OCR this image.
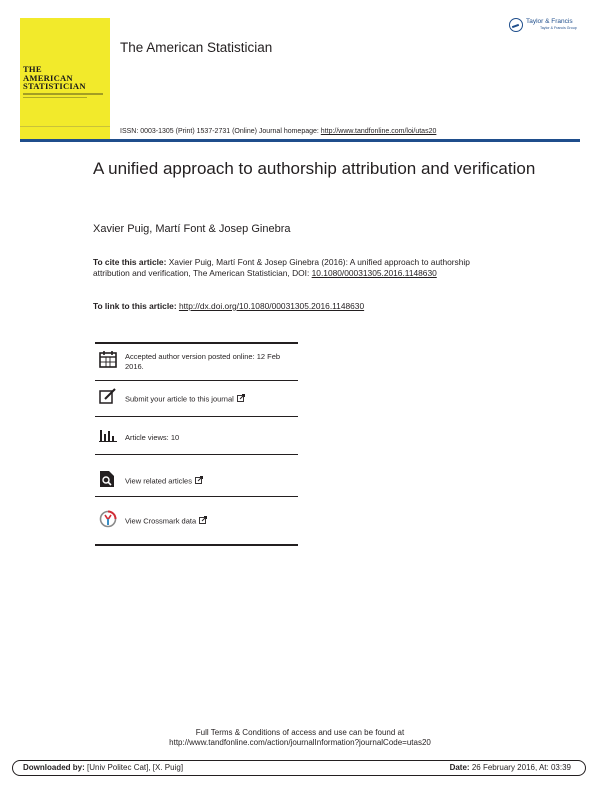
THE
AMERICAN
STATISTICIAN
The American Statistician
Taylor & Francis
Taylor & Francis Group
ISSN: 0003-1305 (Print) 1537-2731 (Online) Journal homepage: http://www.tandfonline.com/loi/utas20
A unified approach to authorship attribution and verification
Xavier Puig, Martí Font & Josep Ginebra
To cite this article: Xavier Puig, Martí Font & Josep Ginebra (2016): A unified approach to authorship attribution and verification, The American Statistician, DOI: 10.1080/00031305.2016.1148630
To link to this article: http://dx.doi.org/10.1080/00031305.2016.1148630
Accepted author version posted online: 12 Feb 2016.
Submit your article to this journal
Article views: 10
View related articles
View Crossmark data
Full Terms & Conditions of access and use can be found at
http://www.tandfonline.com/action/journalInformation?journalCode=utas20
Downloaded by: [Univ Politec Cat], [X. Puig]	Date: 26 February 2016, At: 03:39
